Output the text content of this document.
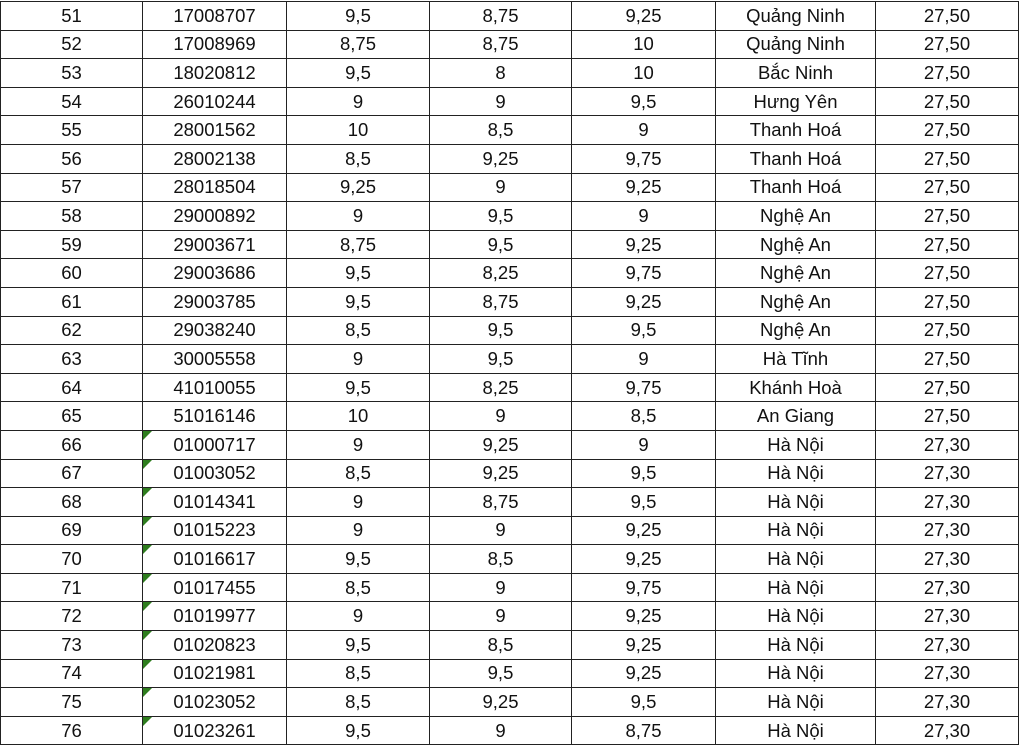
51	17008707	9,5	8,75	9,25	Quảng Ninh	27,50
52	17008969	8,75	8,75	10	Quảng Ninh	27,50
53	18020812	9,5	8	10	Bắc Ninh	27,50
54	26010244	9	9	9,5	Hưng Yên	27,50
55	28001562	10	8,5	9	Thanh Hoá	27,50
56	28002138	8,5	9,25	9,75	Thanh Hoá	27,50
57	28018504	9,25	9	9,25	Thanh Hoá	27,50
58	29000892	9	9,5	9	Nghệ An	27,50
59	29003671	8,75	9,5	9,25	Nghệ An	27,50
60	29003686	9,5	8,25	9,75	Nghệ An	27,50
61	29003785	9,5	8,75	9,25	Nghệ An	27,50
62	29038240	8,5	9,5	9,5	Nghệ An	27,50
63	30005558	9	9,5	9	Hà Tĩnh	27,50
64	41010055	9,5	8,25	9,75	Khánh Hoà	27,50
65	51016146	10	9	8,5	An Giang	27,50
66	01000717	9	9,25	9	Hà Nội	27,30
67	01003052	8,5	9,25	9,5	Hà Nội	27,30
68	01014341	9	8,75	9,5	Hà Nội	27,30
69	01015223	9	9	9,25	Hà Nội	27,30
70	01016617	9,5	8,5	9,25	Hà Nội	27,30
71	01017455	8,5	9	9,75	Hà Nội	27,30
72	01019977	9	9	9,25	Hà Nội	27,30
73	01020823	9,5	8,5	9,25	Hà Nội	27,30
74	01021981	8,5	9,5	9,25	Hà Nội	27,30
75	01023052	8,5	9,25	9,5	Hà Nội	27,30
76	01023261	9,5	9	8,75	Hà Nội	27,30
